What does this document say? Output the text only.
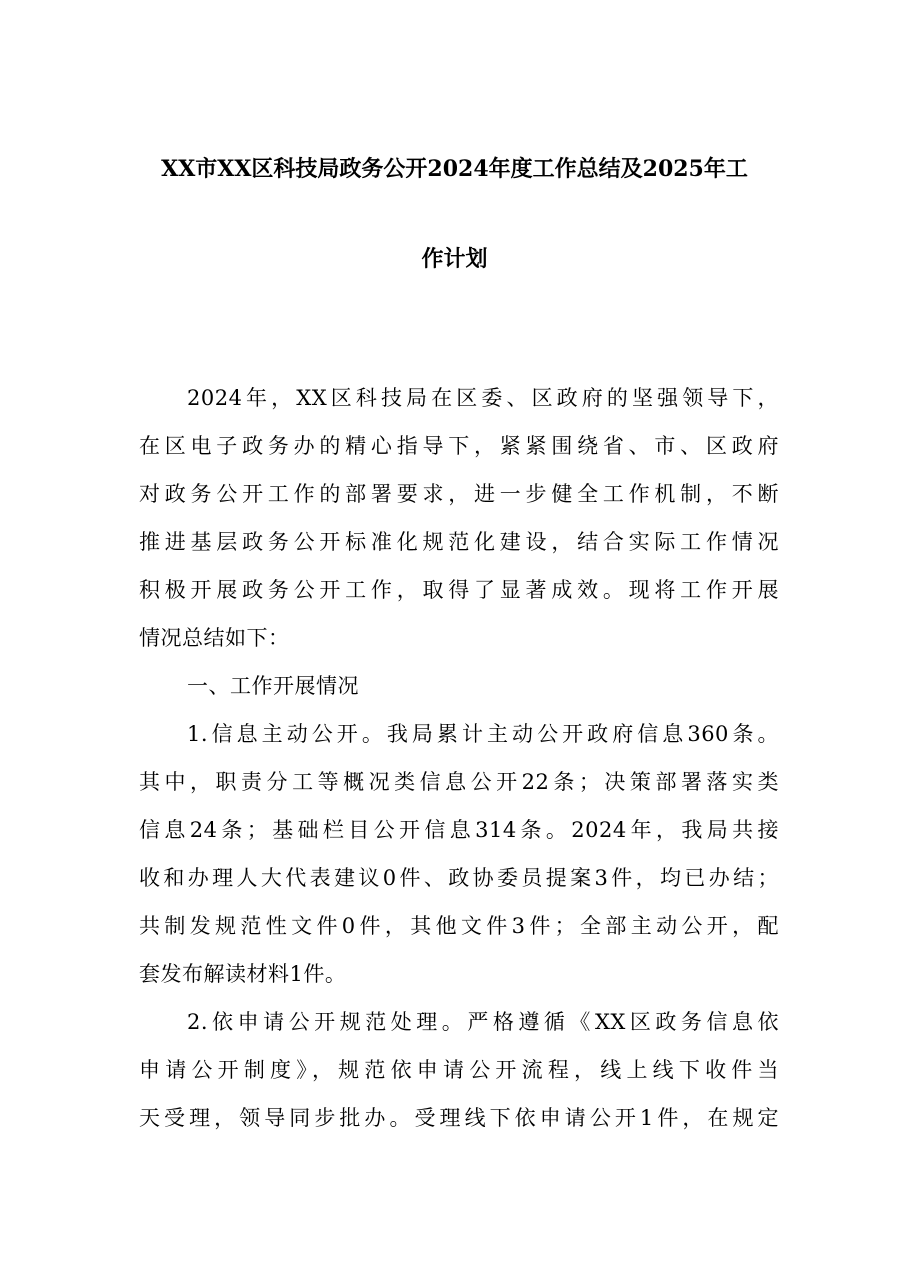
XX市XX区科技局政务公开2024年度工作总结及2025年工
作计划
2024年，XX区科技局在区委、区政府的坚强领导下，
在区电子政务办的精心指导下，紧紧围绕省、市、区政府
对政务公开工作的部署要求，进一步健全工作机制，不断
推进基层政务公开标准化规范化建设，结合实际工作情况
积极开展政务公开工作，取得了显著成效。现将工作开展
情况总结如下：
一、工作开展情况
1.信息主动公开。我局累计主动公开政府信息360条。
其中，职责分工等概况类信息公开22条；决策部署落实类
信息24条；基础栏目公开信息314条。2024年，我局共接
收和办理人大代表建议0件、政协委员提案3件，均已办结；
共制发规范性文件0件，其他文件3件；全部主动公开，配
套发布解读材料1件。
2.依申请公开规范处理。严格遵循《XX区政务信息依
申请公开制度》，规范依申请公开流程，线上线下收件当
天受理，领导同步批办。受理线下依申请公开1件，在规定
